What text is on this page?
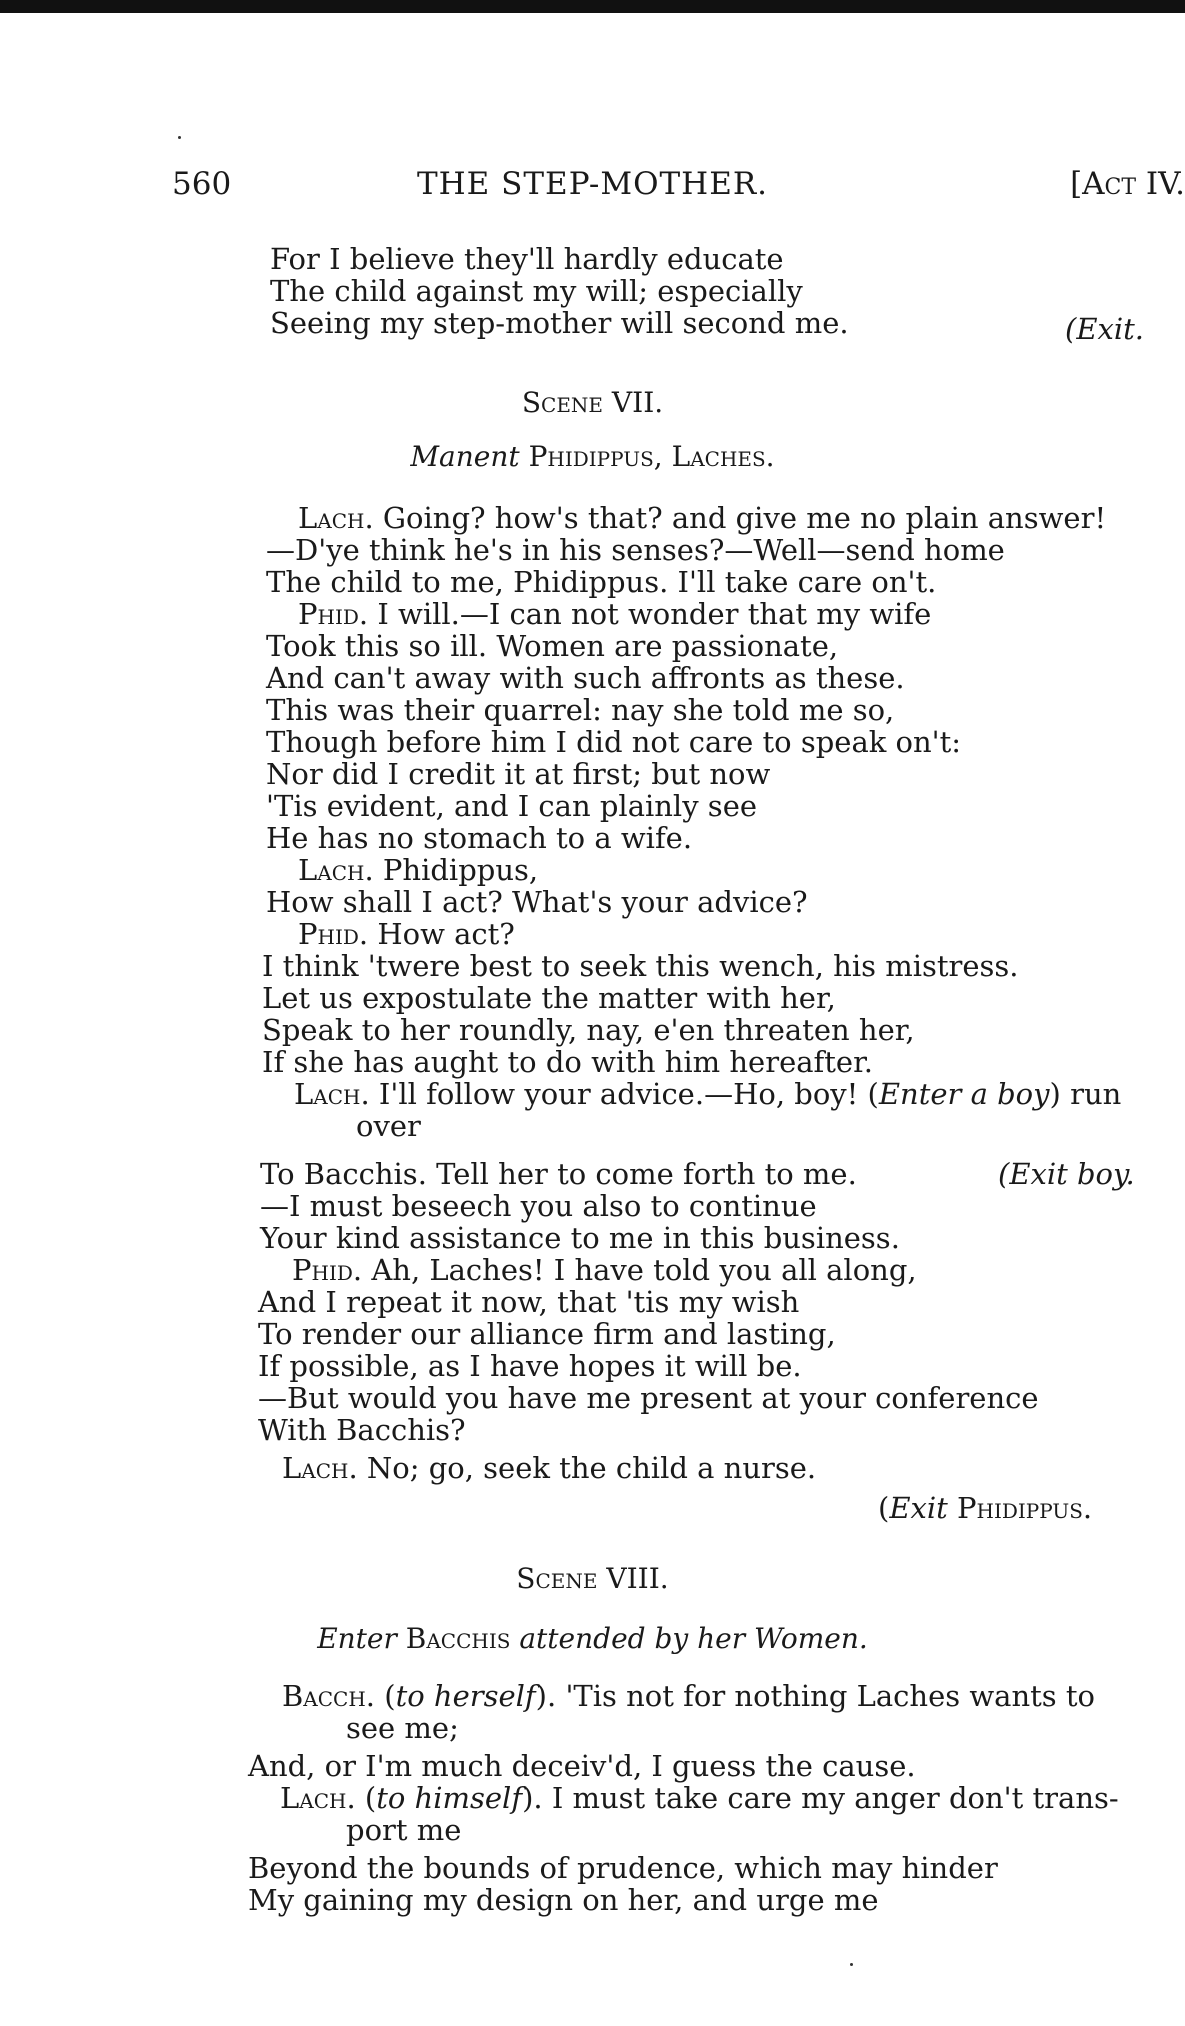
560	THE STEP-MOTHER.	[Act IV.
For I believe they'll hardly educate
The child against my will; especially
Seeing my step-mother will second me.	(Exit.
Scene VII.
Manent Phidippus, Laches.
Lach. Going? how's that? and give me no plain answer!
—D'ye think he's in his senses?—Well—send home
The child to me, Phidippus. I'll take care on't.
Phid. I will.—I can not wonder that my wife
Took this so ill. Women are passionate,
And can't away with such affronts as these.
This was their quarrel: nay she told me so,
Though before him I did not care to speak on't:
Nor did I credit it at first; but now
'Tis evident, and I can plainly see
He has no stomach to a wife.
Lach. Phidippus,
How shall I act? What's your advice?
Phid. How act?
I think 'twere best to seek this wench, his mistress.
Let us expostulate the matter with her,
Speak to her roundly, nay, e'en threaten her,
If she has aught to do with him hereafter.
Lach. I'll follow your advice.—Ho, boy! (Enter a boy) run
over
To Bacchis. Tell her to come forth to me.	(Exit boy.
—I must beseech you also to continue
Your kind assistance to me in this business.
Phid. Ah, Laches! I have told you all along,
And I repeat it now, that 'tis my wish
To render our alliance firm and lasting,
If possible, as I have hopes it will be.
—But would you have me present at your conference
With Bacchis?
Lach. No; go, seek the child a nurse.
(Exit Phidippus.
Scene VIII.
Enter Bacchis attended by her Women.
Bacch. (to herself). 'Tis not for nothing Laches wants to
see me;
And, or I'm much deceiv'd, I guess the cause.
Lach. (to himself). I must take care my anger don't trans-
port me
Beyond the bounds of prudence, which may hinder
My gaining my design on her, and urge me
